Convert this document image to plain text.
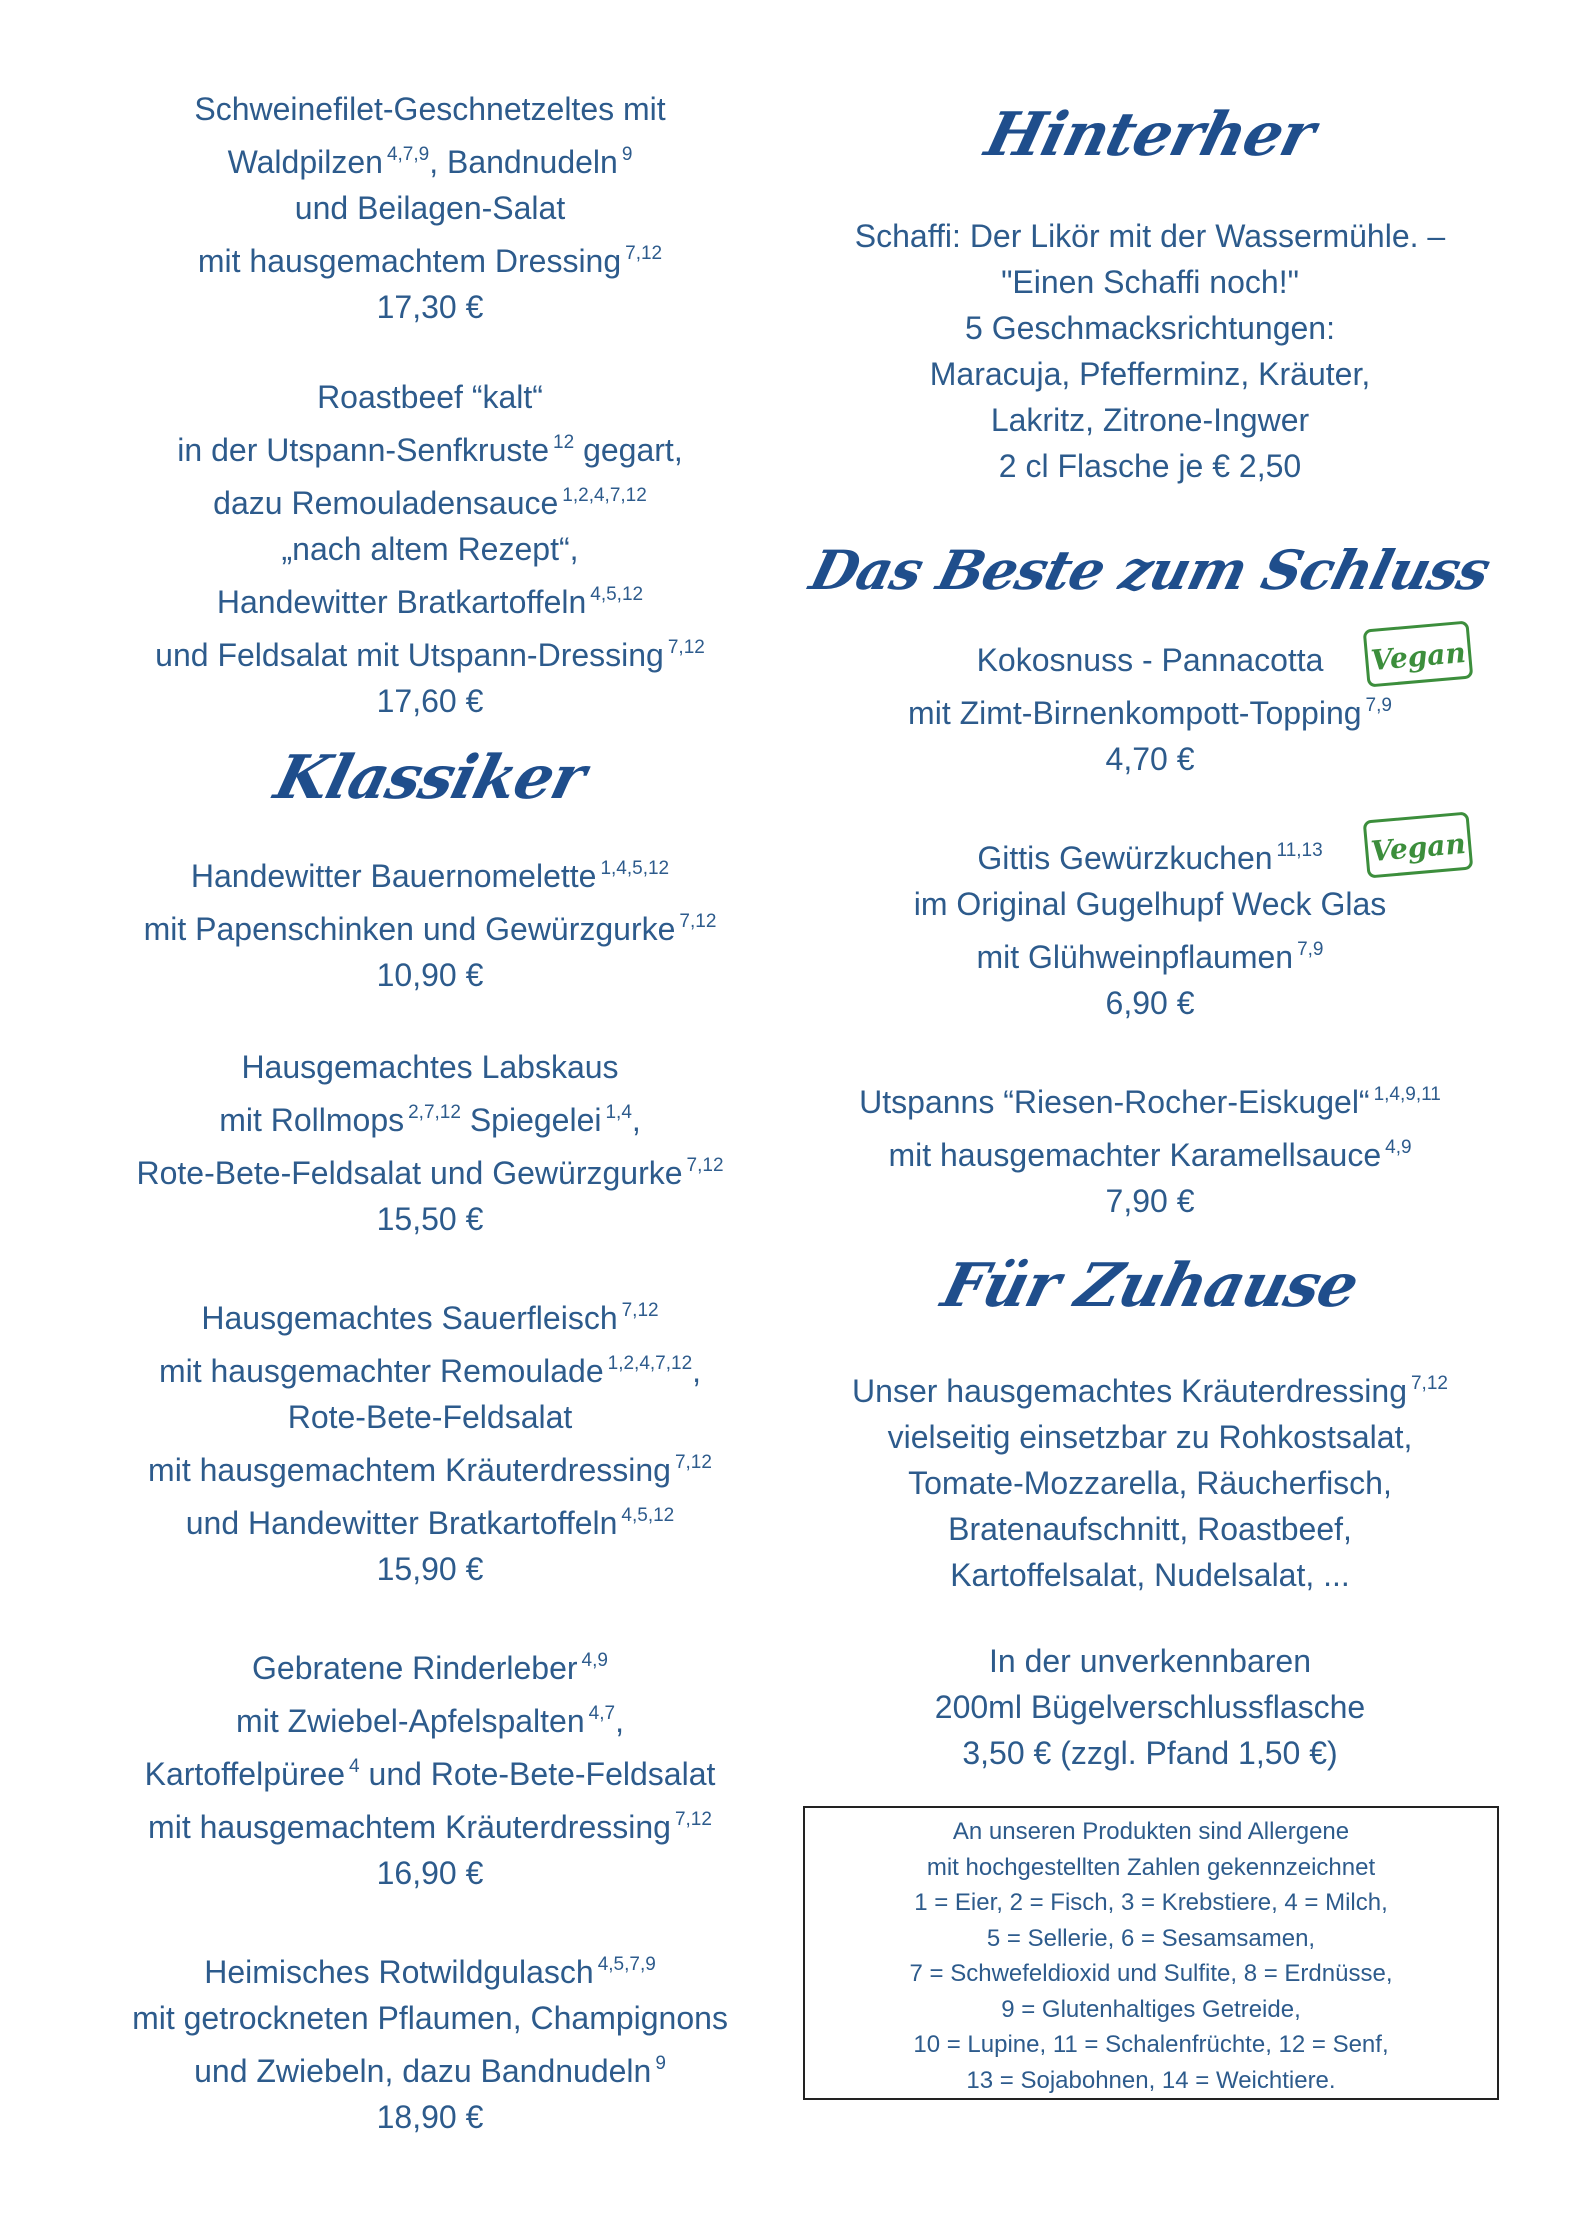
Schweinefilet-Geschnetzeltes mit
Waldpilzen $^{4,7,9}$, Bandnudeln $^9$
und Beilagen-Salat
mit hausgemachtem Dressing $^{7,12}$
17,30 €
Roastbeef “kalt“
in der Utspann-Senfkruste $^{12}$ gegart,
dazu Remouladensauce $^{1,2,4,7,12}$
„nach altem Rezept“,
Handewitter Bratkartoffeln $^{4,5,12}$
und Feldsalat mit Utspann-Dressing $^{7,12}$
17,60 €
Klassiker
Handewitter Bauernomelette $^{1,4,5,12}$
mit Papenschinken und Gewürzgurke $^{7,12}$
10,90 €
Hausgemachtes Labskaus
mit Rollmops $^{2,7,12}$ Spiegelei $^{1,4}$,
Rote-Bete-Feldsalat und Gewürzgurke $^{7,12}$
15,50 €
Hausgemachtes Sauerfleisch $^{7,12}$
mit hausgemachter Remoulade $^{1,2,4,7,12}$,
Rote-Bete-Feldsalat
mit hausgemachtem Kräuterdressing $^{7,12}$
und Handewitter Bratkartoffeln $^{4,5,12}$
15,90 €
Gebratene Rinderleber $^{4,9}$
mit Zwiebel-Apfelspalten $^{4,7}$,
Kartoffelpüree $^4$ und Rote-Bete-Feldsalat
mit hausgemachtem Kräuterdressing $^{7,12}$
16,90 €
Heimisches Rotwildgulasch $^{4,5,7,9}$
mit getrockneten Pflaumen, Champignons
und Zwiebeln, dazu Bandnudeln $^9$
18,90 €
Hinterher
Schaffi: Der Likör mit der Wassermühle. –
"Einen Schaffi noch!"
5 Geschmacksrichtungen:
Maracuja, Pfefferminz, Kräuter,
Lakritz, Zitrone-Ingwer
2 cl Flasche je € 2,50
Das Beste zum Schluss
Kokosnuss - Pannacotta
mit Zimt-Birnenkompott-Topping $^{7,9}$
4,70 €
Vegan
Gittis Gewürzkuchen $^{11,13}$
im Original Gugelhupf Weck Glas
mit Glühweinpflaumen $^{7,9}$
6,90 €
Vegan
Utspanns “Riesen-Rocher-Eiskugel“ $^{1,4,9,11}$
mit hausgemachter Karamellsauce $^{4,9}$
7,90 €
Für Zuhause
Unser hausgemachtes Kräuterdressing $^{7,12}$
vielseitig einsetzbar zu Rohkostsalat,
Tomate-Mozzarella, Räucherfisch,
Bratenaufschnitt, Roastbeef,
Kartoffelsalat, Nudelsalat, ...
In der unverkennbaren
200ml Bügelverschlussflasche
3,50 € (zzgl. Pfand 1,50 €)
An unseren Produkten sind Allergene
mit hochgestellten Zahlen gekennzeichnet
1 = Eier, 2 = Fisch, 3 = Krebstiere, 4 = Milch,
5 = Sellerie, 6 = Sesamsamen,
7 = Schwefeldioxid und Sulfite, 8 = Erdnüsse,
9 = Glutenhaltiges Getreide,
10 = Lupine, 11 = Schalenfrüchte, 12 = Senf,
13 = Sojabohnen, 14 = Weichtiere.
